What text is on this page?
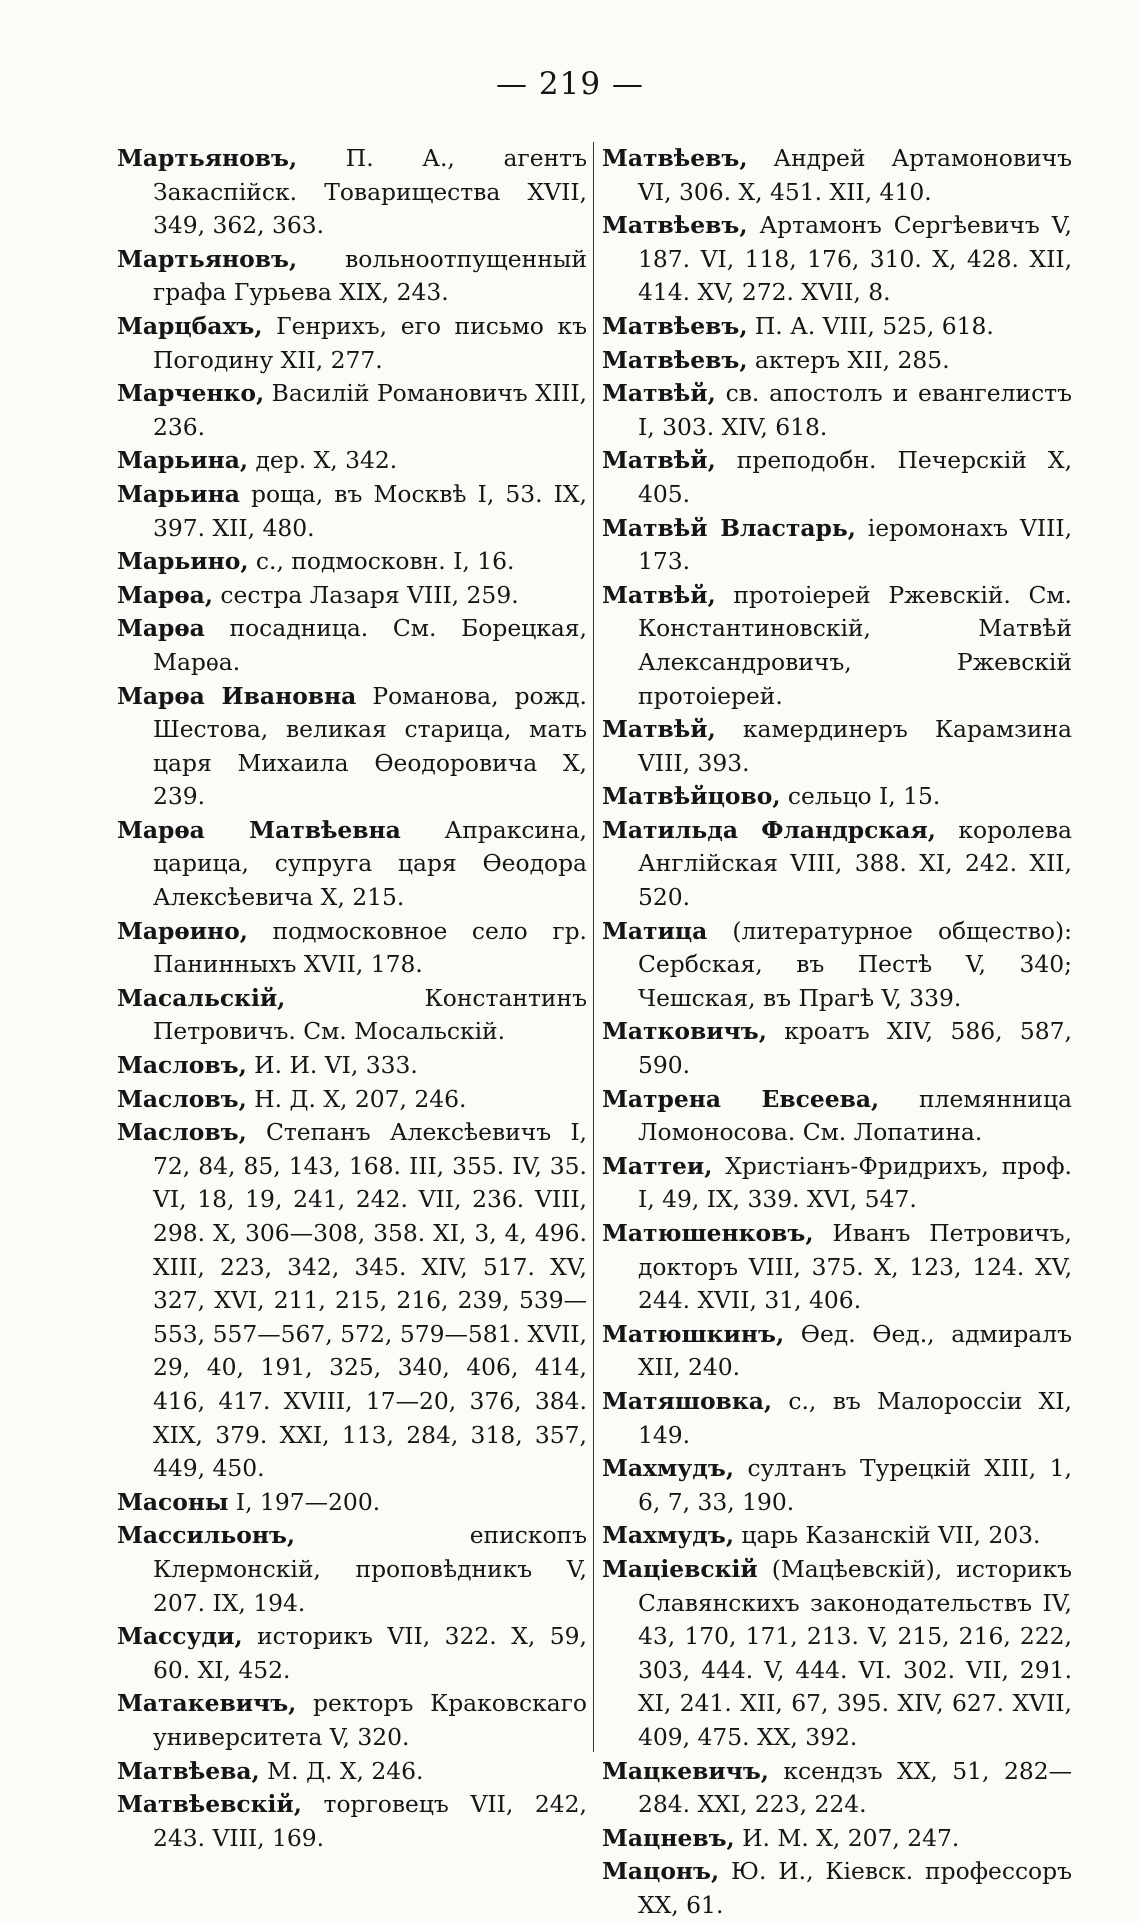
— 219 —
Мартьяновъ, П. А., агентъ Закаспiйск. Товарищества XVII, 349, 362, 363.
Мартьяновъ, вольноотпущенный графа Гурьева XIX, 243.
Марцбахъ, Генрихъ, его письмо къ Погодину XII, 277.
Марченко, Василiй Романовичъ XIII, 236.
Марьина, дер. X, 342.
Марьина роща, въ Москвѣ I, 53. IX, 397. XII, 480.
Марьино, с., подмосковн. I, 16.
Марѳа, сестра Лазаря VIII, 259.
Марѳа посадница. См. Борецкая, Марѳа.
Марѳа Ивановна Романова, рожд. Шестова, великая старица, мать царя Михаила Ѳеодоровича X, 239.
Марѳа Матвѣевна Апраксина, царица, супруга царя Ѳеодора Алексѣевича X, 215.
Марѳино, подмосковное село гр. Панинныхъ XVII, 178.
Масальскiй, Константинъ Петровичъ. См. Мосальскiй.
Масловъ, И. И. VI, 333.
Масловъ, Н. Д. X, 207, 246.
Масловъ, Степанъ Алексѣевичъ I, 72, 84, 85, 143, 168. III, 355. IV, 35. VI, 18, 19, 241, 242. VII, 236. VIII, 298. X, 306—308, 358. XI, 3, 4, 496. XIII, 223, 342, 345. XIV, 517. XV, 327, XVI, 211, 215, 216, 239, 539—553, 557—567, 572, 579—581. XVII, 29, 40, 191, 325, 340, 406, 414, 416, 417. XVIII, 17—20, 376, 384. XIX, 379. XXI, 113, 284, 318, 357, 449, 450.
Масоны I, 197—200.
Массильонъ, епископъ Клермонскiй, проповѣдникъ V, 207. IX, 194.
Массуди, историкъ VII, 322. X, 59, 60. XI, 452.
Матакевичъ, ректоръ Краковскаго университета V, 320.
Матвѣева, М. Д. X, 246.
Матвѣевскiй, торговецъ VII, 242, 243. VIII, 169.
Матвѣевъ, Андрей Артамоновичъ VI, 306. X, 451. XII, 410.
Матвѣевъ, Артамонъ Сергѣевичъ V, 187. VI, 118, 176, 310. X, 428. XII, 414. XV, 272. XVII, 8.
Матвѣевъ, П. А. VIII, 525, 618.
Матвѣевъ, актеръ XII, 285.
Матвѣй, св. апостолъ и евангелистъ I, 303. XIV, 618.
Матвѣй, преподобн. Печерскiй X, 405.
Матвѣй Властарь, iеромонахъ VIII, 173.
Матвѣй, протоiерей Ржевскiй. См. Константиновскiй, Матвѣй Александровичъ, Ржевскiй протоiерей.
Матвѣй, камердинеръ Карамзина VIII, 393.
Матвѣйцово, сельцо I, 15.
Матильда Фландрская, королева Англiйская VIII, 388. XI, 242. XII, 520.
Матица (литературное общество): Сербская, въ Пестѣ V, 340; Чешская, въ Прагѣ V, 339.
Матковичъ, кроатъ XIV, 586, 587, 590.
Матрена Евсеева, племянница Ломоносова. См. Лопатина.
Маттеи, Христiанъ-Фридрихъ, проф. I, 49, IX, 339. XVI, 547.
Матюшенковъ, Иванъ Петровичъ, докторъ VIII, 375. X, 123, 124. XV, 244. XVII, 31, 406.
Матюшкинъ, Ѳед. Ѳед., адмиралъ XII, 240.
Матяшовка, с., въ Малороссiи XI, 149.
Махмудъ, султанъ Турецкiй XIII, 1, 6, 7, 33, 190.
Махмудъ, царь Казанскiй VII, 203.
Мацiевскiй (Мацѣевскiй), историкъ Славянскихъ законодательствъ IV, 43, 170, 171, 213. V, 215, 216, 222, 303, 444. V, 444. VI. 302. VII, 291. XI, 241. XII, 67, 395. XIV, 627. XVII, 409, 475. XX, 392.
Мацкевичъ, ксендзъ XX, 51, 282—284. XXI, 223, 224.
Мацневъ, И. М. X, 207, 247.
Мацонъ, Ю. И., Кiевск. профессоръ XX, 61.
